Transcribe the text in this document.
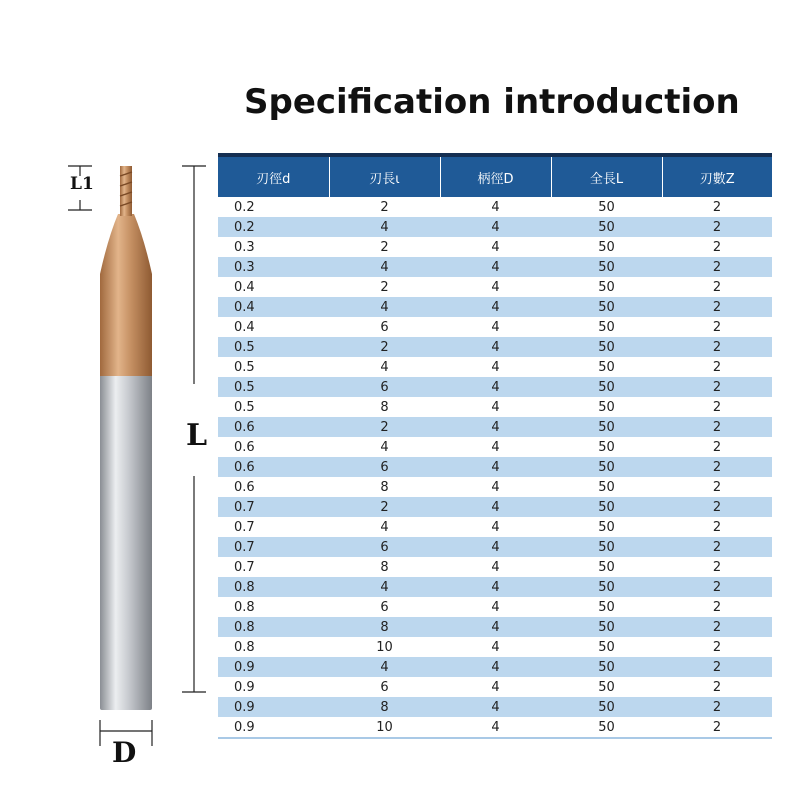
Specification introduction
L1
L
D

刃徑d	刃長ι	柄徑D	全長L	刃數Z
0.2	2	4	50	2
0.2	4	4	50	2
0.3	2	4	50	2
0.3	4	4	50	2
0.4	2	4	50	2
0.4	4	4	50	2
0.4	6	4	50	2
0.5	2	4	50	2
0.5	4	4	50	2
0.5	6	4	50	2
0.5	8	4	50	2
0.6	2	4	50	2
0.6	4	4	50	2
0.6	6	4	50	2
0.6	8	4	50	2
0.7	2	4	50	2
0.7	4	4	50	2
0.7	6	4	50	2
0.7	8	4	50	2
0.8	4	4	50	2
0.8	6	4	50	2
0.8	8	4	50	2
0.8	10	4	50	2
0.9	4	4	50	2
0.9	6	4	50	2
0.9	8	4	50	2
0.9	10	4	50	2
